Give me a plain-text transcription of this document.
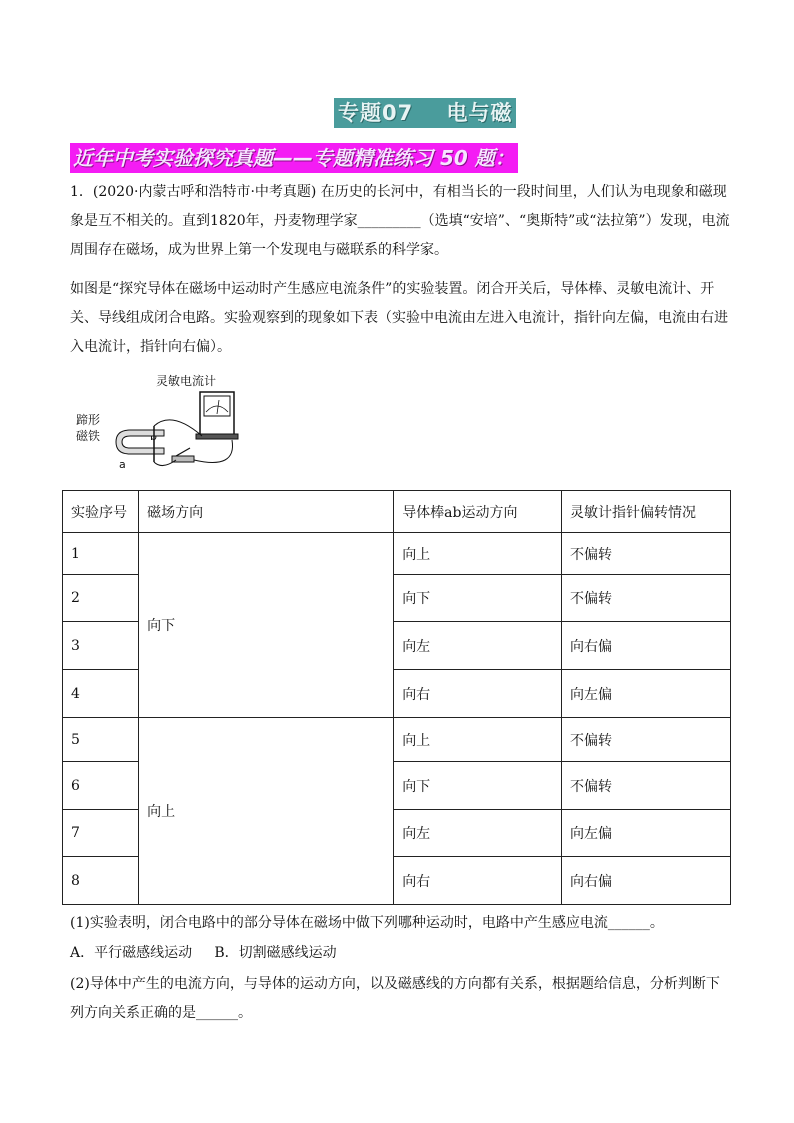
专题07    电与磁
近年中考实验探究真题——专题精准练习 50 题：
1．(2020·内蒙古呼和浩特市·中考真题) 在历史的长河中，有相当长的一段时间里，人们认为电现象和磁现象是互不相关的。直到1820年，丹麦物理学家_________（选填“安培”、“奥斯特”或“法拉第”）发现，电流周围存在磁场，成为世界上第一个发现电与磁联系的科学家。
如图是“探究导体在磁场中运动时产生感应电流条件”的实验装置。闭合开关后，导体棒、灵敏电流计、开关、导线组成闭合电路。实验观察到的现象如下表（实验中电流由左进入电流计，指针向左偏，电流由右进入电流计，指针向右偏）。
灵敏电流计
蹄形
磁铁
a
实验序号	磁场方向	导体棒ab运动方向	灵敏计指针偏转情况
1	向下	向上	不偏转
2		向下	不偏转
3		向左	向右偏
4		向右	向左偏
5	向上	向上	不偏转
6		向下	不偏转
7		向左	向左偏
8		向右	向右偏
(1)实验表明，闭合电路中的部分导体在磁场中做下列哪种运动时，电路中产生感应电流______。
A．平行磁感线运动     B．切割磁感线运动
(2)导体中产生的电流方向，与导体的运动方向，以及磁感线的方向都有关系，根据题给信息，分析判断下列方向关系正确的是______。
